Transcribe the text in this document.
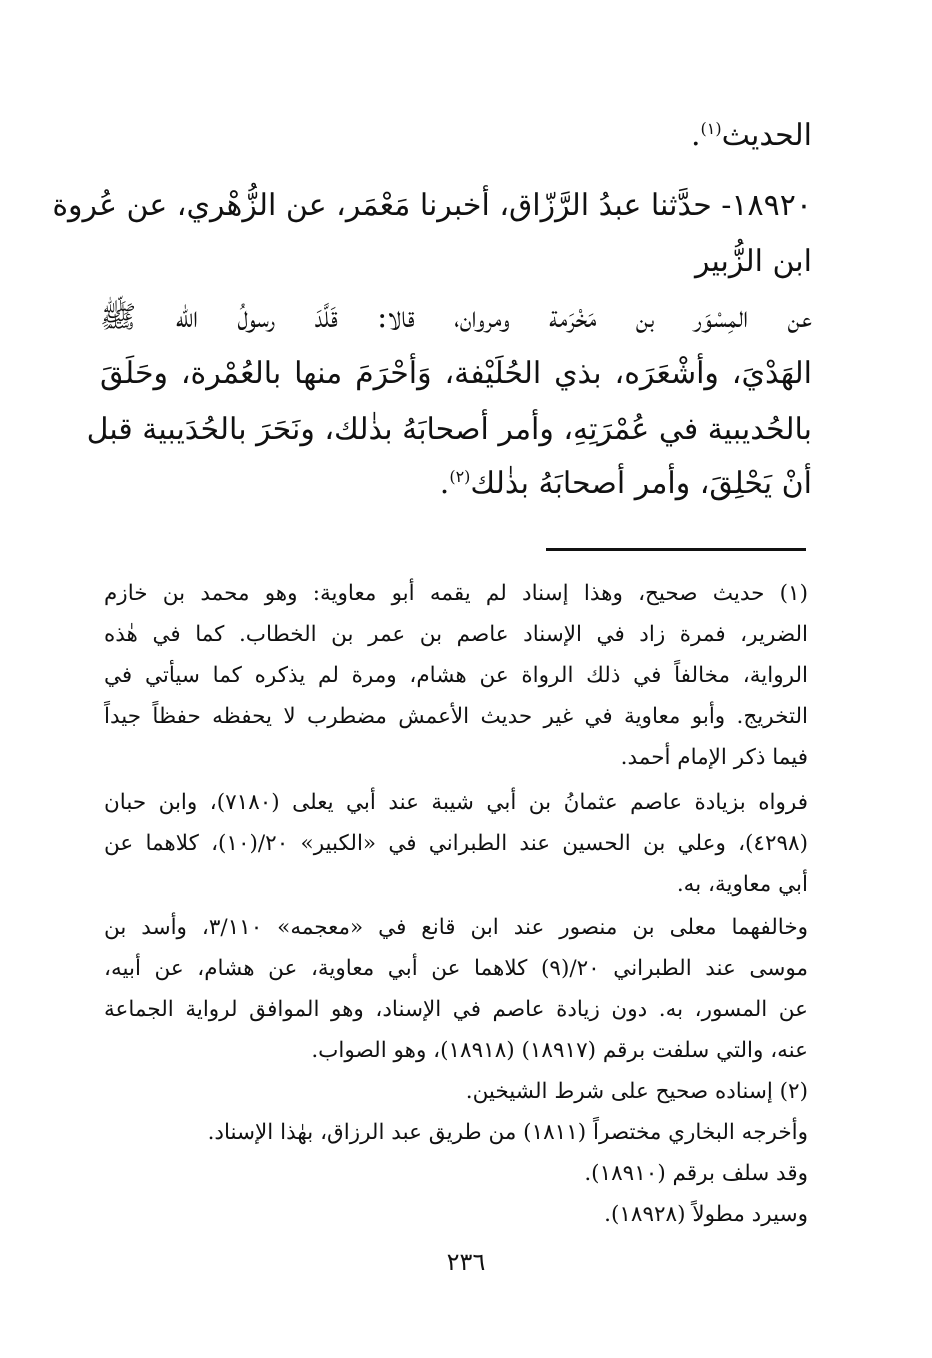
الحديث$^{(١)}$.
١٨٩٢٠- حدَّثنا عبدُ الرَّزّاق، أخبرنا مَعْمَر، عن الزُّهْري، عن عُروة
ابن الزُّبير
عن المِسْوَر بن مَخْرَمة ومروان، قالا: قَلَّدَ رسولُ الله ﷺ
الهَدْيَ، وأشْعَرَه، بذي الحُلَيْفة، وَأحْرَمَ منها بالعُمْرة، وحَلَقَ
بالحُديبية في عُمْرَتِهِ، وأمر أصحابَهُ بذٰلك، ونَحَرَ بالحُدَيبية قبل
أنْ يَحْلِقَ، وأمر أصحابَهُ بذٰلك$^{(٢)}$.
(١) حديث صحيح، وهذا إسناد لم يقمه أبو معاوية: وهو محمد بن خازم
الضرير، فمرة زاد في الإسناد عاصم بن عمر بن الخطاب. كما في هٰذه
الرواية، مخالفاً في ذلك الرواة عن هشام، ومرة لم يذكره كما سيأتي في
التخريج. وأبو معاوية في غير حديث الأعمش مضطرب لا يحفظه حفظاً جيداً
فيما ذكر الإمام أحمد.
فرواه بزيادة عاصم عثمانُ بن أبي شيبة عند أبي يعلى (٧١٨٠)، وابن حبان
(٤٢٩٨)، وعلي بن الحسين عند الطبراني في «الكبير» ٢٠/(١٠)، كلاهما عن
أبي معاوية، به.
وخالفهما معلى بن منصور عند ابن قانع في «معجمه» ٣/١١٠، وأسد بن
موسى عند الطبراني ٢٠/(٩) كلاهما عن أبي معاوية، عن هشام، عن أبيه،
عن المسور، به. دون زيادة عاصم في الإسناد، وهو الموافق لرواية الجماعة
عنه، والتي سلفت برقم (١٨٩١٧) (١٨٩١٨)، وهو الصواب.
(٢) إسناده صحيح على شرط الشيخين.
وأخرجه البخاري مختصراً (١٨١١) من طريق عبد الرزاق، بهٰذا الإسناد.
وقد سلف برقم (١٨٩١٠).
وسيرد مطولاً (١٨٩٢٨).
٢٣٦
